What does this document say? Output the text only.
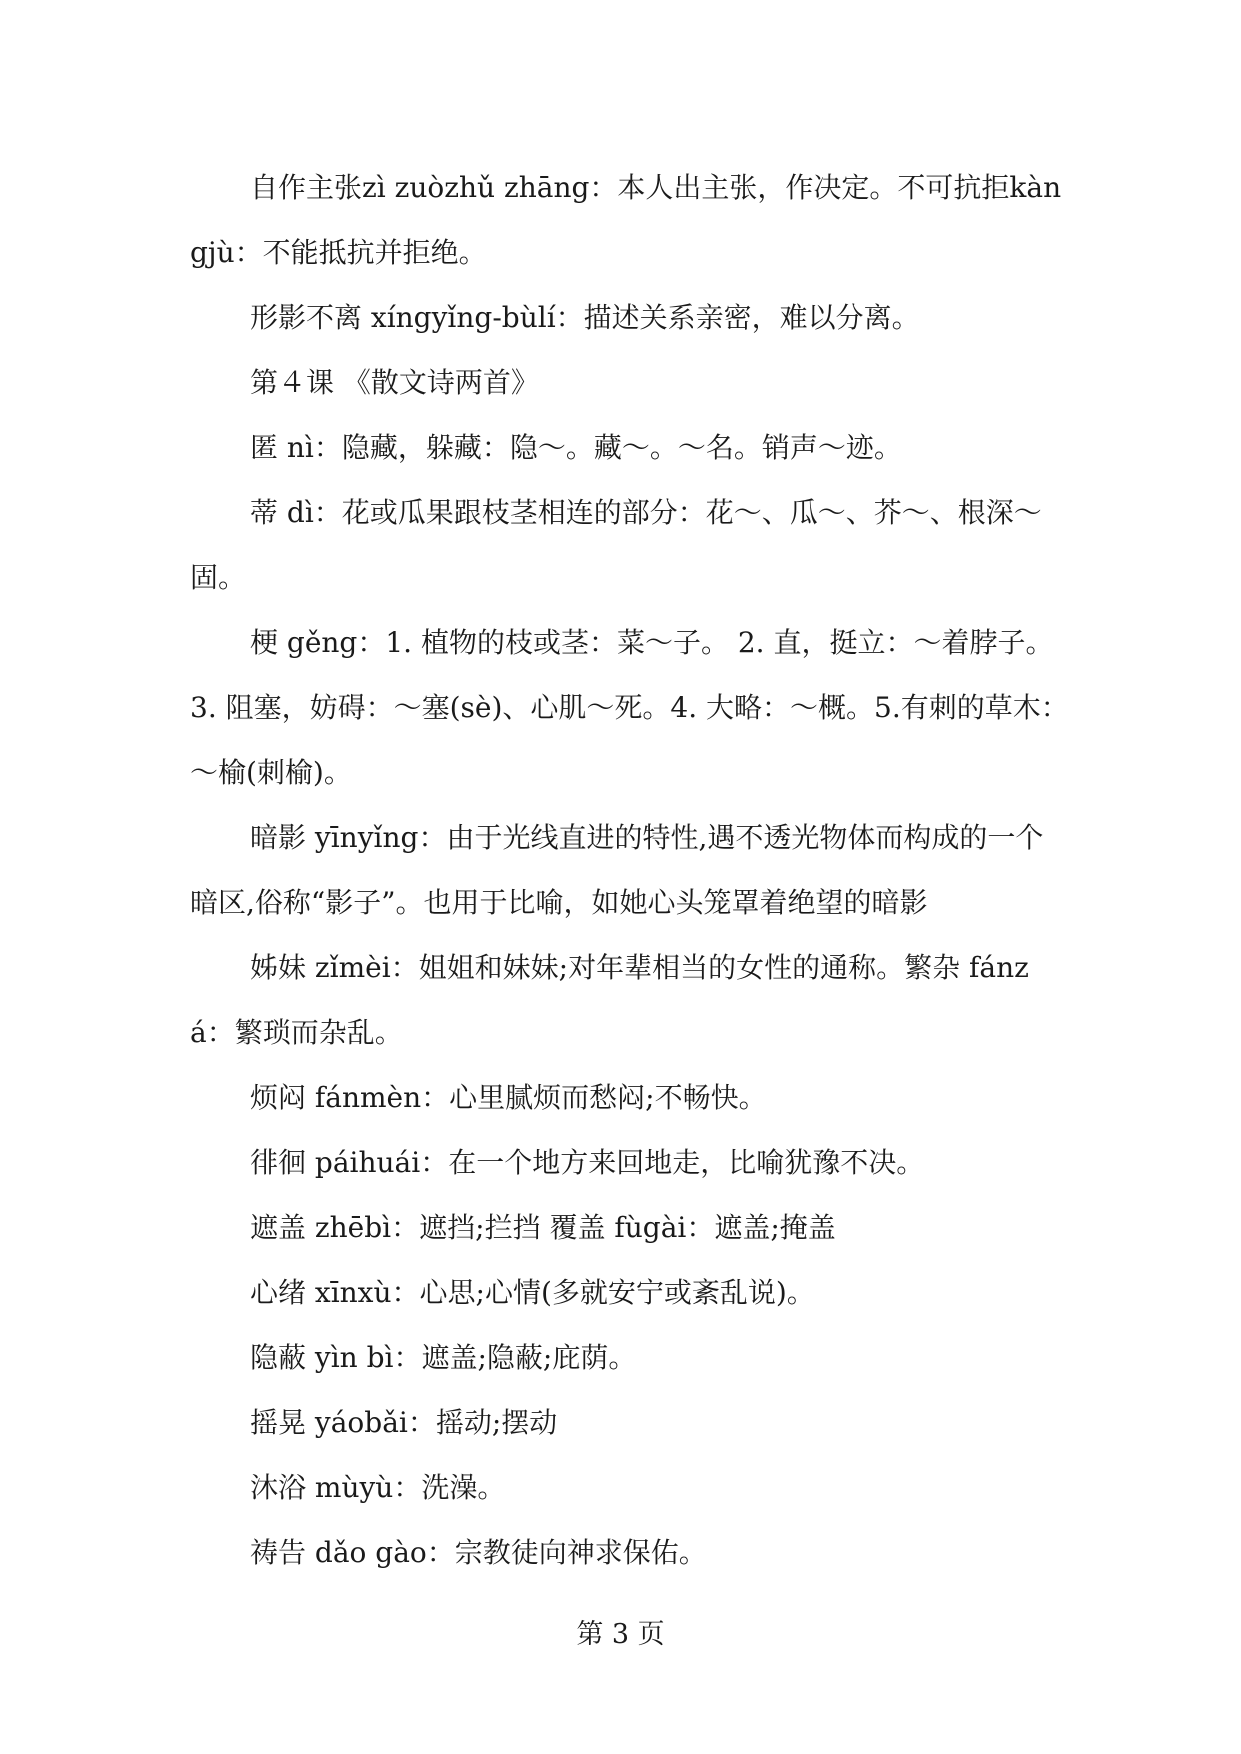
自作主张zì zuòzhǔ zhāng：本人出主张，作决定。不可抗拒kàngjù：不能抵抗并拒绝。

形影不离 xíngyǐng-bùlí：描述关系亲密，难以分离。

第４课 《散文诗两首》

匿 nì：隐藏，躲藏：隐～。藏～。～名。销声～迹。

蒂 dì：花或瓜果跟枝茎相连的部分：花～、瓜～、芥～、根深～固。

梗 gěng：1. 植物的枝或茎：菜～子。 2. 直，挺立：～着脖子。3. 阻塞，妨碍：～塞(sè)、心肌～死。4. 大略：～概。5.有刺的草木：～榆(刺榆)。

暗影 yīnyǐng：由于光线直进的特性,遇不透光物体而构成的一个暗区,俗称“影子”。也用于比喻，如她心头笼罩着绝望的暗影

姊妹 zǐmèi：姐姐和妹妹;对年辈相当的女性的通称。繁杂 fánzá：繁琐而杂乱。

烦闷 fánmèn：心里腻烦而愁闷;不畅快。

徘徊 páihuái：在一个地方来回地走，比喻犹豫不决。

遮盖 zhēbì：遮挡;拦挡 覆盖 fùgài：遮盖;掩盖

心绪 xīnxù：心思;心情(多就安宁或紊乱说)。

隐蔽 yìn bì：遮盖;隐蔽;庇荫。

摇晃 yáobǎi：摇动;摆动

沐浴 mùyù：洗澡。

祷告 dǎo gào：宗教徒向神求保佑。

第 3 页
